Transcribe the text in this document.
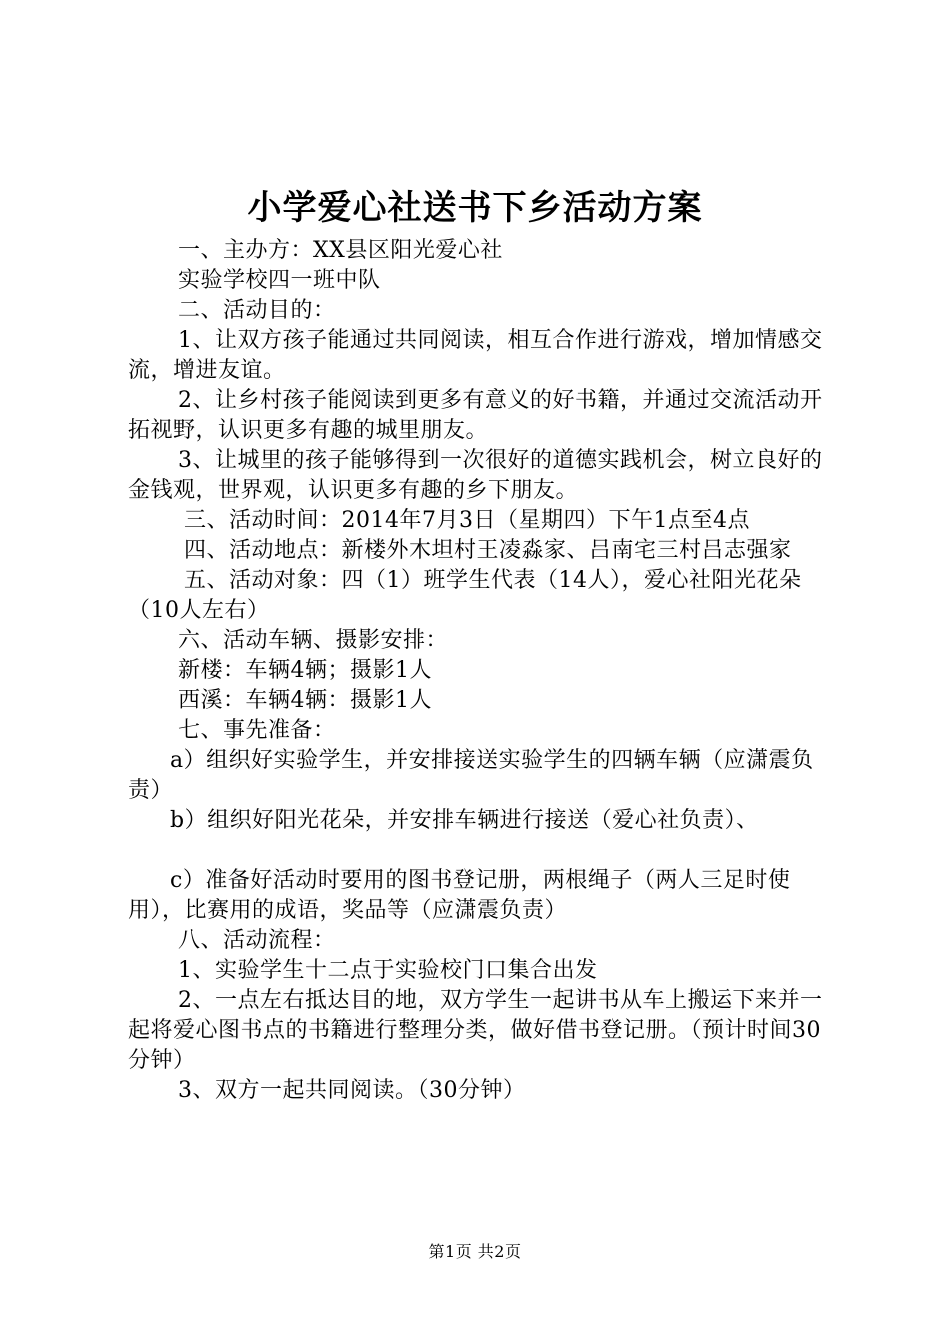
小学爱心社送书下乡活动方案

一、主办方：XX县区阳光爱心社

实验学校四一班中队

二、活动目的：

1、让双方孩子能通过共同阅读，相互合作进行游戏，增加情感交流，增进友谊。

2、让乡村孩子能阅读到更多有意义的好书籍，并通过交流活动开拓视野，认识更多有趣的城里朋友。

3、让城里的孩子能够得到一次很好的道德实践机会，树立良好的金钱观，世界观，认识更多有趣的乡下朋友。

三、活动时间：2014年7月3日（星期四）下午1点至4点

四、活动地点：新楼外木坦村王凌淼家、吕南宅三村吕志强家

五、活动对象：四（1）班学生代表（14人），爱心社阳光花朵（10人左右）

六、活动车辆、摄影安排：

新楼：车辆4辆；摄影1人

西溪：车辆4辆：摄影1人

七、事先准备：

a）组织好实验学生，并安排接送实验学生的四辆车辆（应潇震负责）

b）组织好阳光花朵，并安排车辆进行接送（爱心社负责）、

c）准备好活动时要用的图书登记册，两根绳子（两人三足时使用），比赛用的成语，奖品等（应潇震负责）

八、活动流程：

1、实验学生十二点于实验校门口集合出发

2、一点左右抵达目的地，双方学生一起讲书从车上搬运下来并一起将爱心图书点的书籍进行整理分类，做好借书登记册。（预计时间30分钟）

3、双方一起共同阅读。（30分钟）

第1页 共2页
